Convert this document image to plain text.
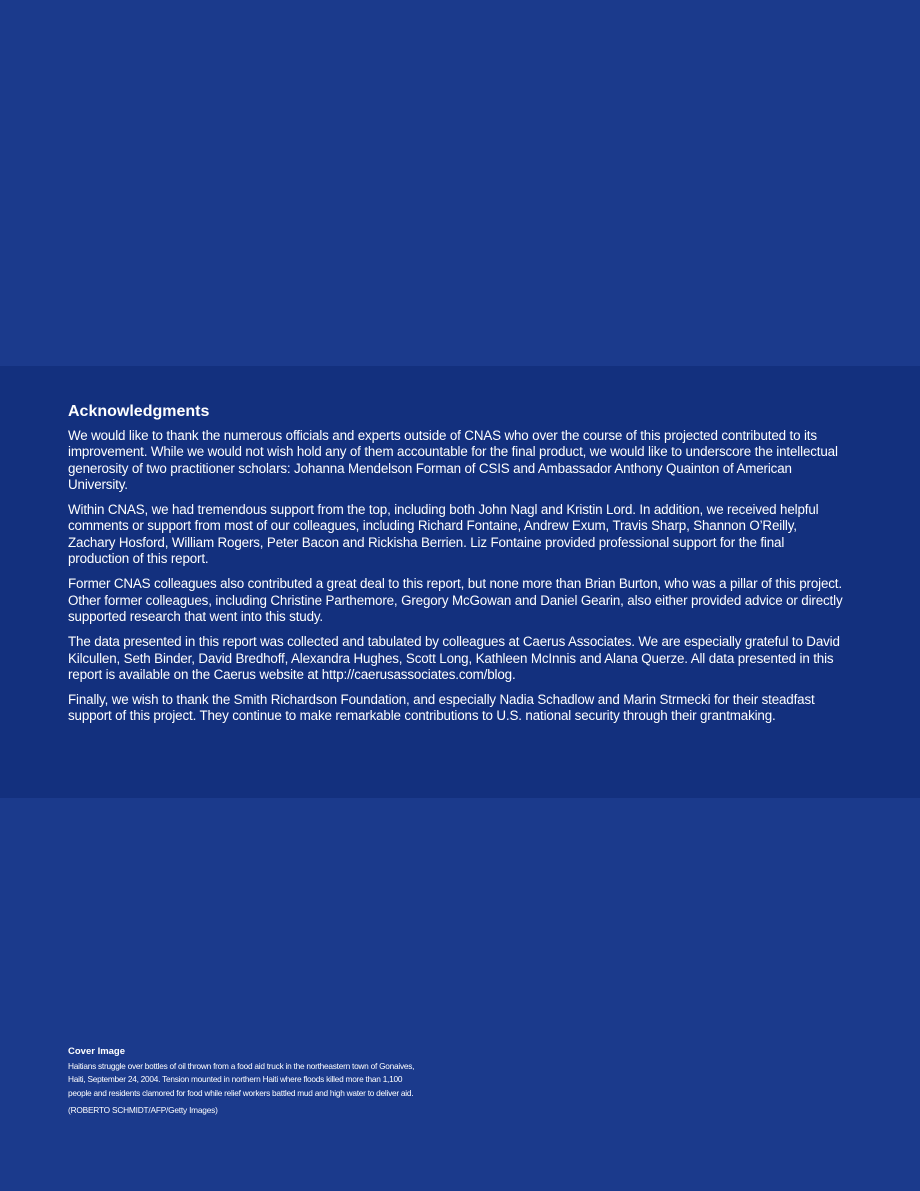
Acknowledgments

We would like to thank the numerous officials and experts outside of CNAS who over the course of this projected contributed to its improvement. While we would not wish hold any of them accountable for the final product, we would like to underscore the intellectual generosity of two practitioner scholars: Johanna Mendelson Forman of CSIS and Ambassador Anthony Quainton of American University.

Within CNAS, we had tremendous support from the top, including both John Nagl and Kristin Lord. In addition, we received helpful comments or support from most of our colleagues, including Richard Fontaine, Andrew Exum, Travis Sharp, Shannon O’Reilly, Zachary Hosford, William Rogers, Peter Bacon and Rickisha Berrien. Liz Fontaine provided professional support for the final production of this report.

Former CNAS colleagues also contributed a great deal to this report, but none more than Brian Burton, who was a pillar of this project. Other former colleagues, including Christine Parthemore, Gregory McGowan and Daniel Gearin, also either provided advice or directly supported research that went into this study.

The data presented in this report was collected and tabulated by colleagues at Caerus Associates. We are especially grateful to David Kilcullen, Seth Binder, David Bredhoff, Alexandra Hughes, Scott Long, Kathleen McInnis and Alana Querze. All data presented in this report is available on the Caerus website at http://caerusassociates.com/blog.

Finally, we wish to thank the Smith Richardson Foundation, and especially Nadia Schadlow and Marin Strmecki for their steadfast support of this project. They continue to make remarkable contributions to U.S. national security through their grantmaking.

Cover Image

Haitians struggle over bottles of oil thrown from a food aid truck in the northeastern town of Gonaives, Haiti, September 24, 2004. Tension mounted in northern Haiti where floods killed more than 1,100 people and residents clamored for food while relief workers battled mud and high water to deliver aid.

(ROBERTO SCHMIDT/AFP/Getty Images)
